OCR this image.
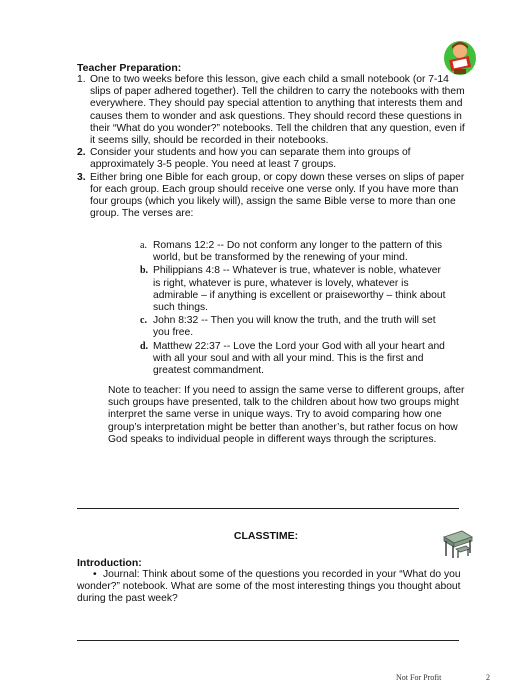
Teacher Preparation:
1. One to two weeks before this lesson, give each child a small notebook (or 7-14 slips of paper adhered together). Tell the children to carry the notebooks with them everywhere. They should pay special attention to anything that interests them and causes them to wonder and ask questions. They should record these questions in their “What do you wonder?” notebooks. Tell the children that any question, even if it seems silly, should be recorded in their notebooks.
2. Consider your students and how you can separate them into groups of approximately 3-5 people. You need at least 7 groups.
3. Either bring one Bible for each group, or copy down these verses on slips of paper for each group. Each group should receive one verse only. If you have more than four groups (which you likely will), assign the same Bible verse to more than one group. The verses are:
a. Romans 12:2 -- Do not conform any longer to the pattern of this world, but be transformed by the renewing of your mind.
b. Philippians 4:8 -- Whatever is true, whatever is noble, whatever is right, whatever is pure, whatever is lovely, whatever is admirable – if anything is excellent or praiseworthy – think about such things.
c. John 8:32 -- Then you will know the truth, and the truth will set you free.
d. Matthew 22:37 -- Love the Lord your God with all your heart and with all your soul and with all your mind. This is the first and greatest commandment.
Note to teacher: If you need to assign the same verse to different groups, after such groups have presented, talk to the children about how two groups might interpret the same verse in unique ways. Try to avoid comparing how one group’s interpretation might be better than another’s, but rather focus on how God speaks to individual people in different ways through the scriptures.
CLASSTIME:
Introduction:
• Journal: Think about some of the questions you recorded in your “What do you wonder?” notebook. What are some of the most interesting things you thought about during the past week?
Not For Profit	2
